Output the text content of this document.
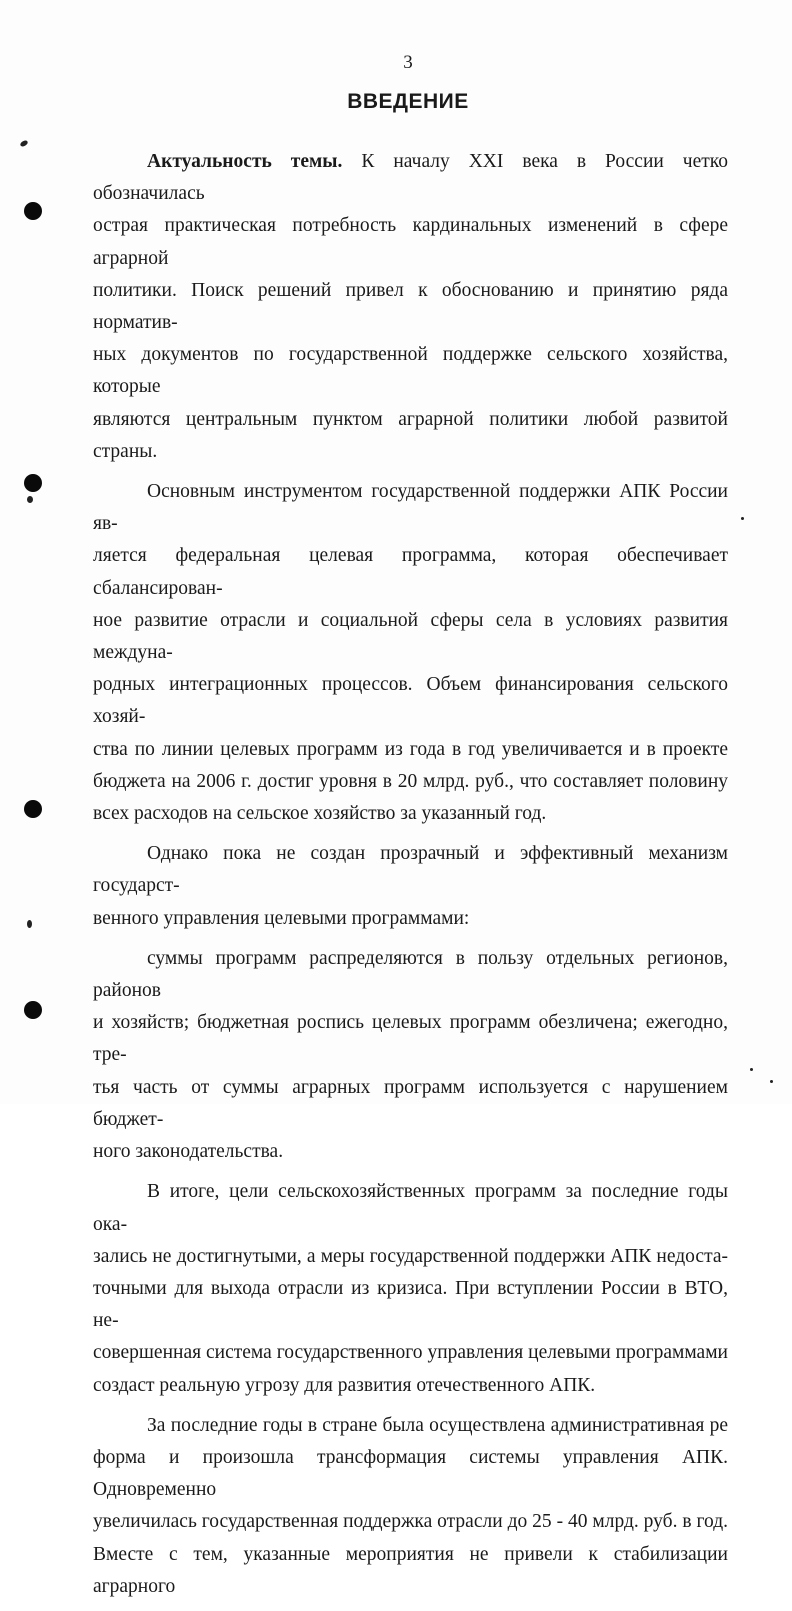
3
ВВЕДЕНИЕ
Актуальность темы. К началу XXI века в России четко обозначилась
острая практическая потребность кардинальных изменений в сфере аграрной
политики. Поиск решений привел к обоснованию и принятию ряда норматив-
ных документов по государственной поддержке сельского хозяйства, которые
являются центральным пунктом аграрной политики любой развитой страны.
Основным инструментом государственной поддержки АПК России яв-
ляется федеральная целевая программа, которая обеспечивает сбалансирован-
ное развитие отрасли и социальной сферы села в условиях развития междуна-
родных интеграционных процессов. Объем финансирования сельского хозяй-
ства по линии целевых программ из года в год увеличивается и в проекте
бюджета на 2006 г. достиг уровня в 20 млрд. руб., что составляет половину
всех расходов на сельское хозяйство за указанный год.
Однако пока не создан прозрачный и эффективный механизм государст-
венного управления целевыми программами:
суммы программ распределяются в пользу отдельных регионов, районов
и хозяйств; бюджетная роспись целевых программ обезличена; ежегодно, тре-
тья часть от суммы аграрных программ используется с нарушением бюджет-
ного законодательства.
В итоге, цели сельскохозяйственных программ за последние годы ока-
зались не достигнутыми, а меры государственной поддержки АПК недоста-
точными для выхода отрасли из кризиса. При вступлении России в ВТО, не-
совершенная система государственного управления целевыми программами
создаст реальную угрозу для развития отечественного АПК.
За последние годы в стране была осуществлена административная ре
форма и произошла трансформация системы управления АПК. Одновременно
увеличилась государственная поддержка отрасли до 25 - 40 млрд. руб. в год.
Вместе с тем, указанные мероприятия не привели к стабилизации аграрного
